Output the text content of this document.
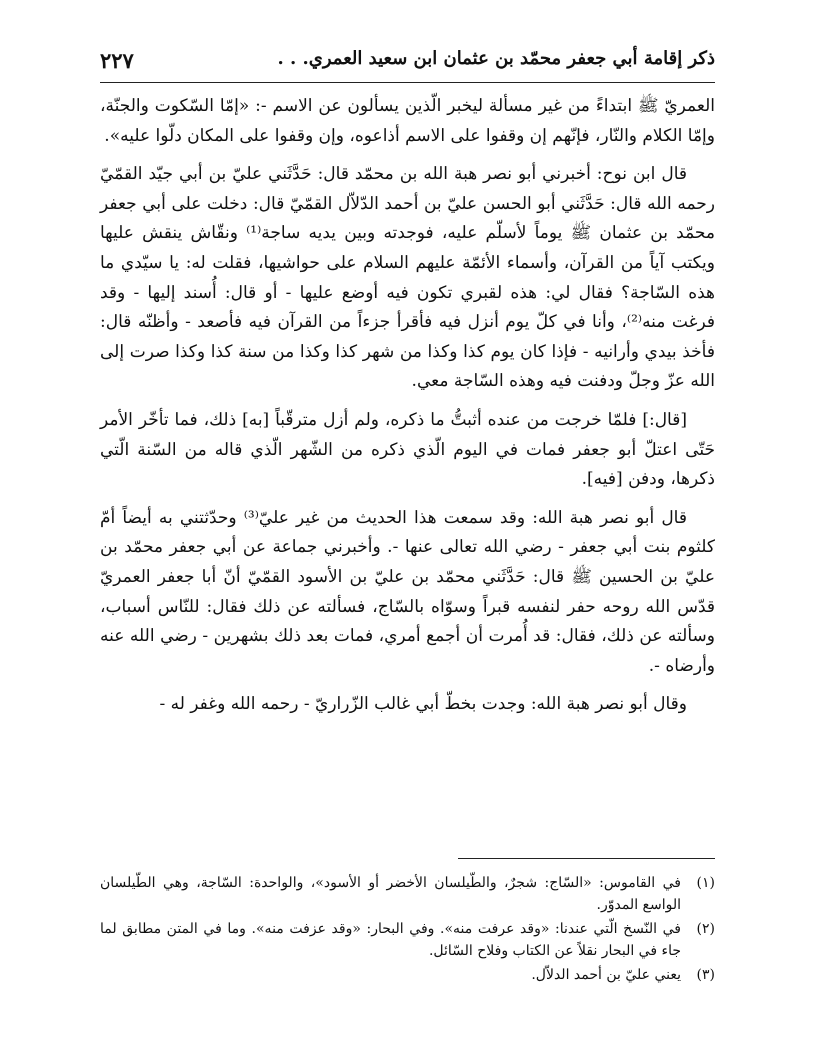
٢٢٧	ذكر إقامة أبي جعفر محمّد بن عثمان ابن سعيد العمري. . .

العمريّ ﷺ ابتداءً من غير مسألة ليخبر الّذين يسألون عن الاسم -: «إمّا السّكوت والجنّة، وإمّا الكلام والنّار، فإنّهم إن وقفوا على الاسم أذاعوه، وإن وقفوا على المكان دلّوا عليه».

قال ابن نوح: أخبرني أبو نصر هبة الله بن محمّد قال: حَدَّثَني عليّ بن أبي جيّد القمّيّ رحمه الله قال: حَدَّثَني أبو الحسن عليّ بن أحمد الدّلاّل القمّيّ قال: دخلت على أبي جعفر محمّد بن عثمان ﷺ يوماً لأسلّم عليه، فوجدته وبين يديه ساجة⁽¹⁾ ونقّاش ينقش عليها ويكتب آياً من القرآن، وأسماء الأئمّة عليهم السلام على حواشيها، فقلت له: يا سيّدي ما هذه السّاجة؟ فقال لي: هذه لقبري تكون فيه أوضع عليها - أو قال: أُسند إليها - وقد فرغت منه⁽²⁾، وأنا في كلّ يوم أنزل فيه فأقرأ جزءاً من القرآن فيه فأصعد - وأظنّه قال: فأخذ بيدي وأرانيه - فإذا كان يوم كذا وكذا من شهر كذا وكذا من سنة كذا وكذا صرت إلى الله عزّ وجلّ ودفنت فيه وهذه السّاجة معي.

[قال:] فلمّا خرجت من عنده أثبتُّ ما ذكره، ولم أزل مترقّباً [به] ذلك، فما تأخّر الأمر حَتّى اعتلّ أبو جعفر فمات في اليوم الّذي ذكره من الشّهر الّذي قاله من السّنة الّتي ذكرها، ودفن [فيه].

قال أبو نصر هبة الله: وقد سمعت هذا الحديث من غير عليّ⁽³⁾ وحدّثتني به أيضاً أمّ كلثوم بنت أبي جعفر - رضي الله تعالى عنها -. وأخبرني جماعة عن أبي جعفر محمّد بن عليّ بن الحسين ﷺ قال: حَدَّثَني محمّد بن عليّ بن الأسود القمّيّ أنّ أبا جعفر العمريّ قدّس الله روحه حفر لنفسه قبراً وسوّاه بالسّاج، فسألته عن ذلك فقال: للنّاس أسباب، وسألته عن ذلك، فقال: قد أُمرت أن أجمع أمري، فمات بعد ذلك بشهرين - رضي الله عنه وأرضاه -.

وقال أبو نصر هبة الله: وجدت بخطّ أبي غالب الزّراريّ - رحمه الله وغفر له -

(١)
في القاموس: «السّاج: شجرٌ، والطّيلسان الأخضر أو الأسود»، والواحدة: السّاجة، وهي الطّيلسان الواسع المدوّر.
(٢)
في النّسخ الّتي عندنا: «وقد عرفت منه». وفي البحار: «وقد عزفت منه». وما في المتن مطابق لما جاء في البحار نقلاً عن الكتاب وفلاح السّائل.
(٣)
يعني عليّ بن أحمد الدلاّل.
